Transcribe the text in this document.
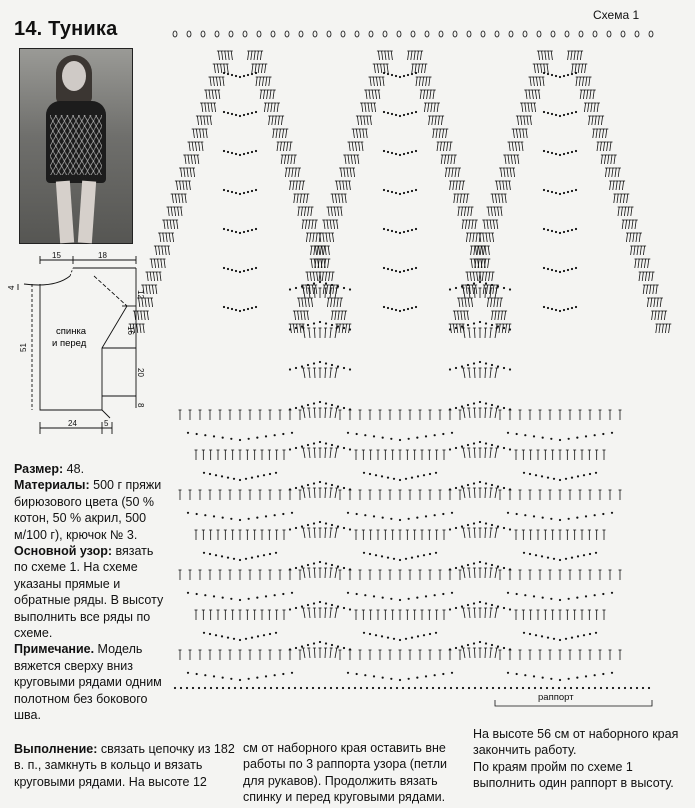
14. Туника
Схема 1
15	18
12
16
20
8
51
4
24	5
спинка
и перед
раппорт

Размер: 48.

Материалы: 500 г пряжи бирюзового цвета (50 % котон, 50 % акрил, 500 м/100 г), крючок № 3.

Основной узор: вязать по схеме 1. На схеме указаны прямые и обратные ряды. В высоту выполнить все ряды по схеме.

Примечание. Модель вяжется сверху вниз круговыми рядами одним полотном без бокового шва.

Выполнение: связать цепочку из 182 в. п., замкнуть в кольцо и вязать круговыми рядами. На высоте 12
см от наборного края оставить вне работы по 3 раппорта узора (петли для рукавов). Продолжить вязать спинку и перед круговыми рядами.
На высоте 56 см от наборного края закончить работу.
По краям пройм по схеме 1 выполнить один раппорт в высоту.
